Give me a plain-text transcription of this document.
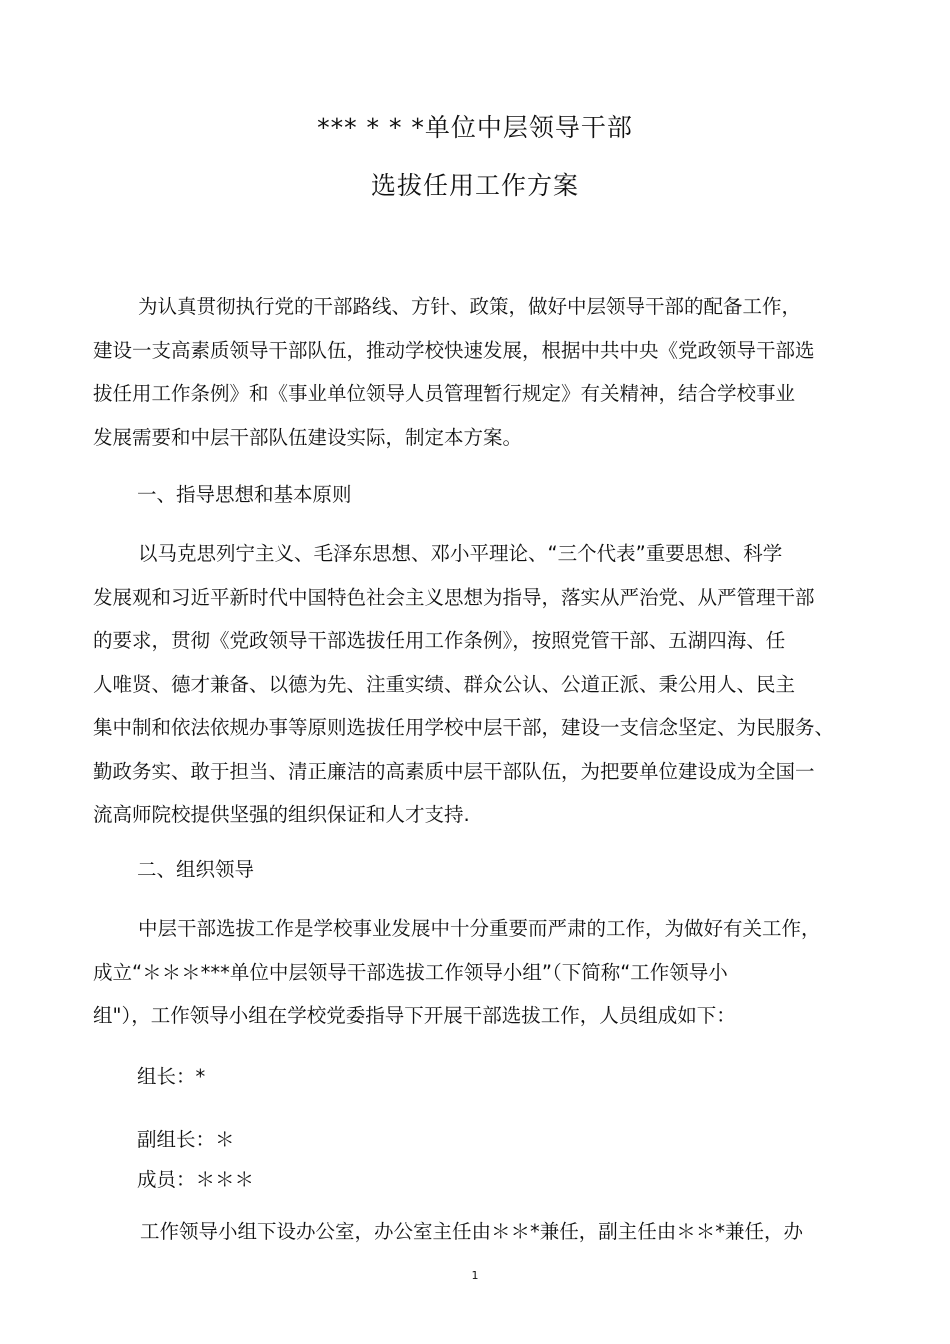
*** * * *单位中层领导干部
选拔任用工作方案
为认真贯彻执行党的干部路线、方针、政策，做好中层领导干部的配备工作，
建设一支高素质领导干部队伍，推动学校快速发展，根据中共中央《党政领导干部选
拔任用工作条例》和《事业单位领导人员管理暂行规定》有关精神，结合学校事业
发展需要和中层干部队伍建设实际，制定本方案。
一、指导思想和基本原则
以马克思列宁主义、毛泽东思想、邓小平理论、“三个代表”重要思想、科学
发展观和习近平新时代中国特色社会主义思想为指导，落实从严治党、从严管理干部
的要求，贯彻《党政领导干部选拔任用工作条例》，按照党管干部、五湖四海、任
人唯贤、德才兼备、以德为先、注重实绩、群众公认、公道正派、秉公用人、民主
集中制和依法依规办事等原则选拔任用学校中层干部，建设一支信念坚定、为民服务、
勤政务实、敢于担当、清正廉洁的高素质中层干部队伍，为把要单位建设成为全国一
流高师院校提供坚强的组织保证和人才支持.
二、组织领导
中层干部选拔工作是学校事业发展中十分重要而严肃的工作，为做好有关工作，
成立“＊＊＊***单位中层领导干部选拔工作领导小组”（下简称“工作领导小
组"），工作领导小组在学校党委指导下开展干部选拔工作，人员组成如下：
组长：*
副组长：＊
成员：＊＊＊
工作领导小组下设办公室，办公室主任由＊＊*兼任，副主任由＊＊*兼任，办
1
